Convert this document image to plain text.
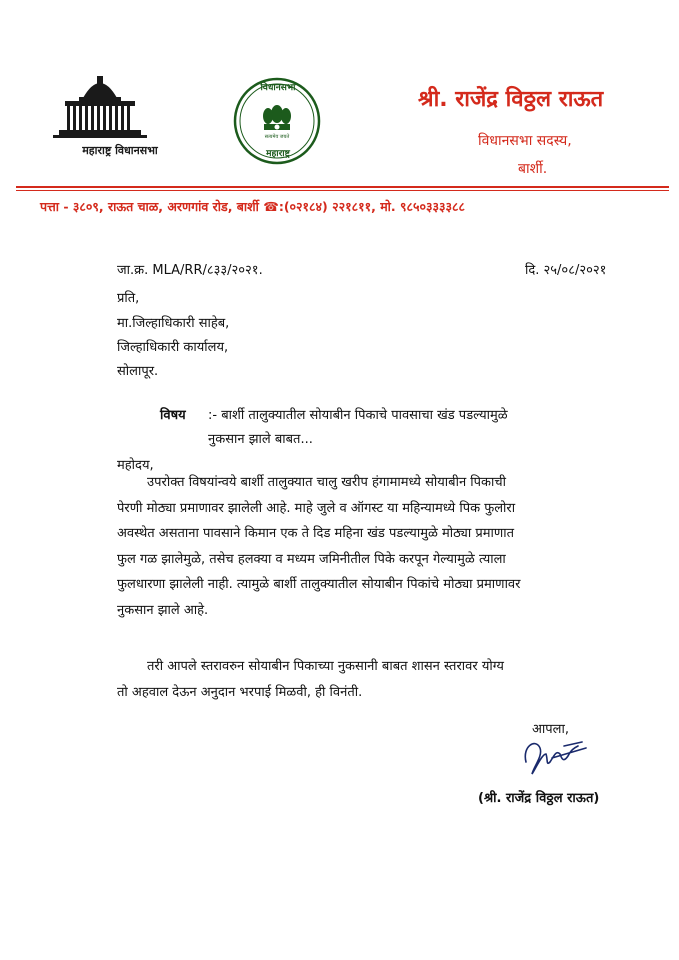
महाराष्ट्र विधानसभा
सत्यमेव जयते
विधानसभा
महाराष्ट्र
श्री. राजेंद्र विठ्ठल राऊत
विधानसभा सदस्य,
बार्शी.
पत्ता - ३८०९, राऊत चाळ, अरणगांव रोड, बार्शी ☎:(०२१८४) २२१८११, मो. ९८५०३३३३८८
जा.क्र. MLA/RR/८३३/२०२१.	दि. २५/०८/२०२१
प्रति,
मा.जिल्हाधिकारी साहेब,
जिल्हाधिकारी कार्यालय,
सोलापूर.
विषय :- बार्शी तालुक्यातील सोयाबीन पिकाचे पावसाचा खंड पडल्यामुळे
नुकसान झाले बाबत...
महोदय,
उपरोक्त विषयांन्वये बार्शी तालुक्यात चालु खरीप हंगामामध्ये सोयाबीन पिकाची
पेरणी मोठ्या प्रमाणावर झालेली आहे. माहे जुले व ऑगस्ट या महिन्यामध्ये पिक फुलोरा
अवस्थेत असताना पावसाने किमान एक ते दिड महिना खंड पडल्यामुळे मोठ्या प्रमाणात
फुल गळ झालेमुळे, तसेच हलक्या व मध्यम जमिनीतील पिके करपून गेल्यामुळे त्याला
फुलधारणा झालेली नाही. त्यामुळे बार्शी तालुक्यातील सोयाबीन पिकांचे मोठ्या प्रमाणावर
नुकसान झाले आहे.
तरी आपले स्तरावरुन सोयाबीन पिकाच्या नुकसानी बाबत शासन स्तरावर योग्य
तो अहवाल देऊन अनुदान भरपाई मिळवी, ही विनंती.
आपला,
(श्री. राजेंद्र विठ्ठल राऊत)
